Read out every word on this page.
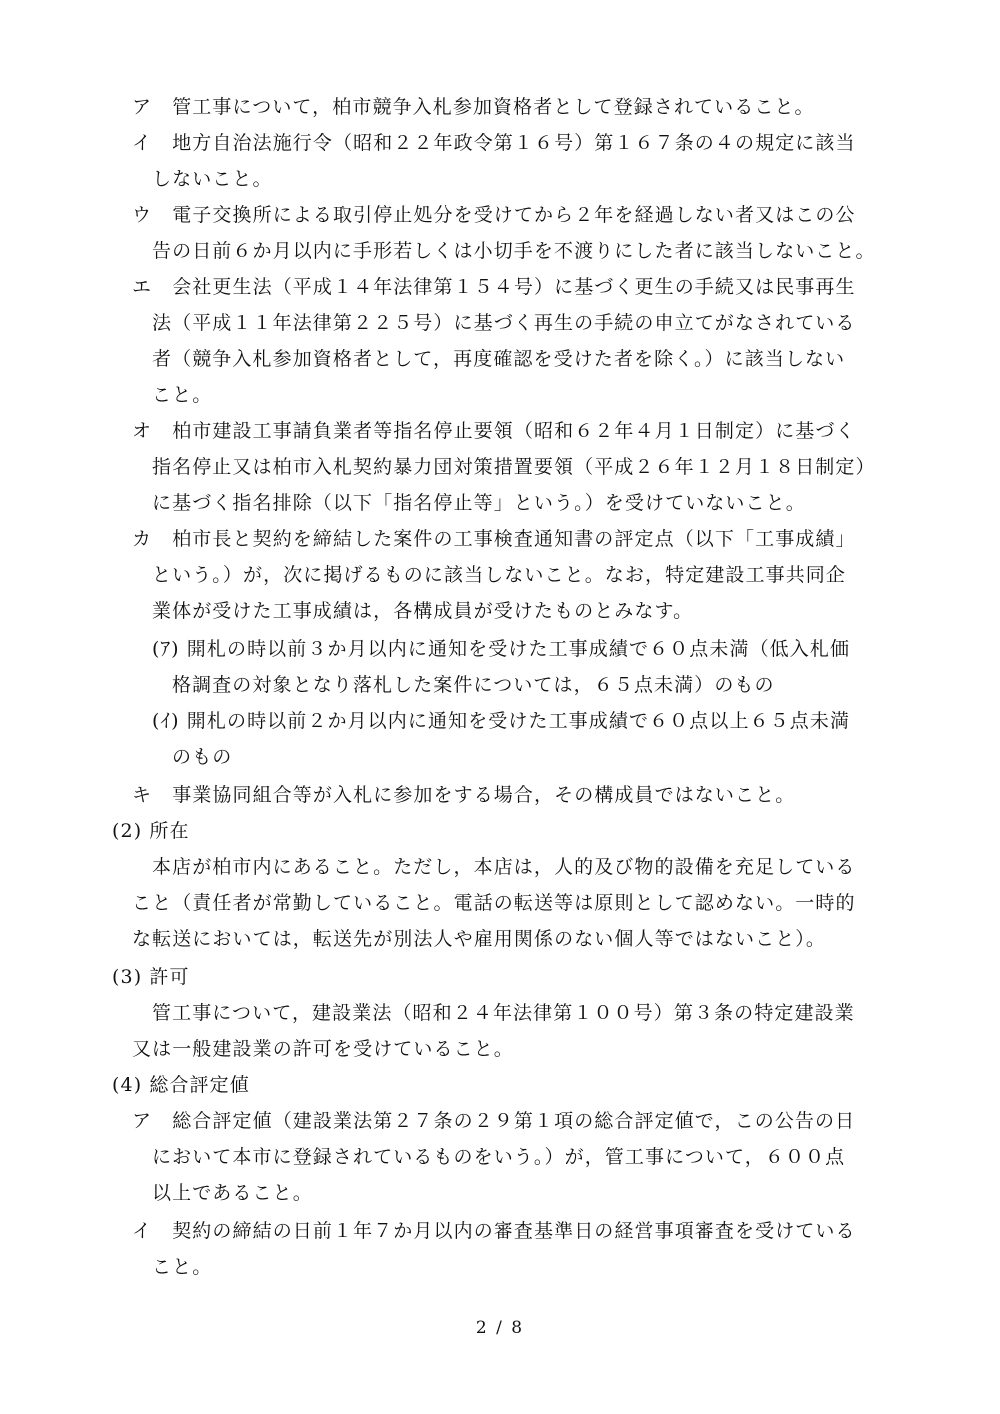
ア　管工事について，柏市競争入札参加資格者として登録されていること。
イ　地方自治法施行令（昭和２２年政令第１６号）第１６７条の４の規定に該当
しないこと。
ウ　電子交換所による取引停止処分を受けてから２年を経過しない者又はこの公
告の日前６か月以内に手形若しくは小切手を不渡りにした者に該当しないこと。
エ　会社更生法（平成１４年法律第１５４号）に基づく更生の手続又は民事再生
法（平成１１年法律第２２５号）に基づく再生の手続の申立てがなされている
者（競争入札参加資格者として，再度確認を受けた者を除く。）に該当しない
こと。
オ　柏市建設工事請負業者等指名停止要領（昭和６２年４月１日制定）に基づく
指名停止又は柏市入札契約暴力団対策措置要領（平成２６年１２月１８日制定）
に基づく指名排除（以下「指名停止等」という。）を受けていないこと。
カ　柏市長と契約を締結した案件の工事検査通知書の評定点（以下「工事成績」
という。）が，次に掲げるものに該当しないこと。なお，特定建設工事共同企
業体が受けた工事成績は，各構成員が受けたものとみなす。
(ｱ) 開札の時以前３か月以内に通知を受けた工事成績で６０点未満（低入札価
格調査の対象となり落札した案件については，６５点未満）のもの
(ｲ) 開札の時以前２か月以内に通知を受けた工事成績で６０点以上６５点未満
のもの
キ　事業協同組合等が入札に参加をする場合，その構成員ではないこと。
(2) 所在
本店が柏市内にあること。ただし，本店は，人的及び物的設備を充足している
こと（責任者が常勤していること。電話の転送等は原則として認めない。一時的
な転送においては，転送先が別法人や雇用関係のない個人等ではないこと）。
(3) 許可
管工事について，建設業法（昭和２４年法律第１００号）第３条の特定建設業
又は一般建設業の許可を受けていること。
(4) 総合評定値
ア　総合評定値（建設業法第２７条の２９第１項の総合評定値で，この公告の日
において本市に登録されているものをいう。）が，管工事について，６００点
以上であること。
イ　契約の締結の日前１年７か月以内の審査基準日の経営事項審査を受けている
こと。
2 / 8
